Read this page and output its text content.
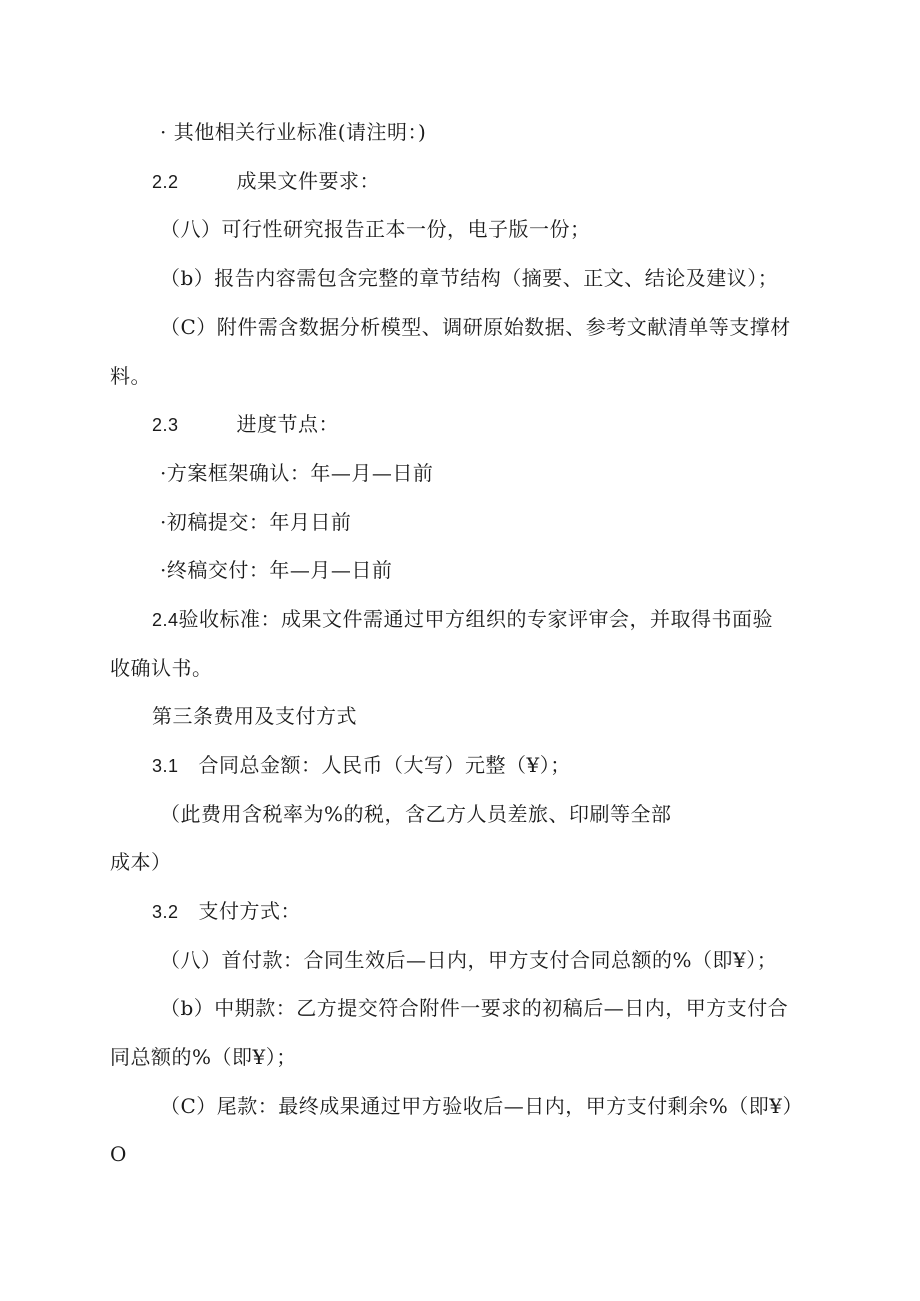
· 其他相关行业标准(请注明：)
2.2	成果文件要求：
（八）可行性研究报告正本一份，电子版一份；
（b）报告内容需包含完整的章节结构（摘要、正文、结论及建议）；
（C）附件需含数据分析模型、调研原始数据、参考文献清单等支撑材
料。
2.3	进度节点：
·方案框架确认：年—月—日前
·初稿提交：年月日前
·终稿交付：年—月—日前
2.4验收标准：成果文件需通过甲方组织的专家评审会，并取得书面验
收确认书。
第三条费用及支付方式
3.1 合同总金额：人民币（大写）元整（¥）；
（此费用含税率为%的税，含乙方人员差旅、印刷等全部
成本）
3.2 支付方式：
（八）首付款：合同生效后—日内，甲方支付合同总额的%（即¥）；
（b）中期款：乙方提交符合附件一要求的初稿后—日内，甲方支付合
同总额的%（即¥）；
（C）尾款：最终成果通过甲方验收后—日内，甲方支付剩余%（即¥）
O
